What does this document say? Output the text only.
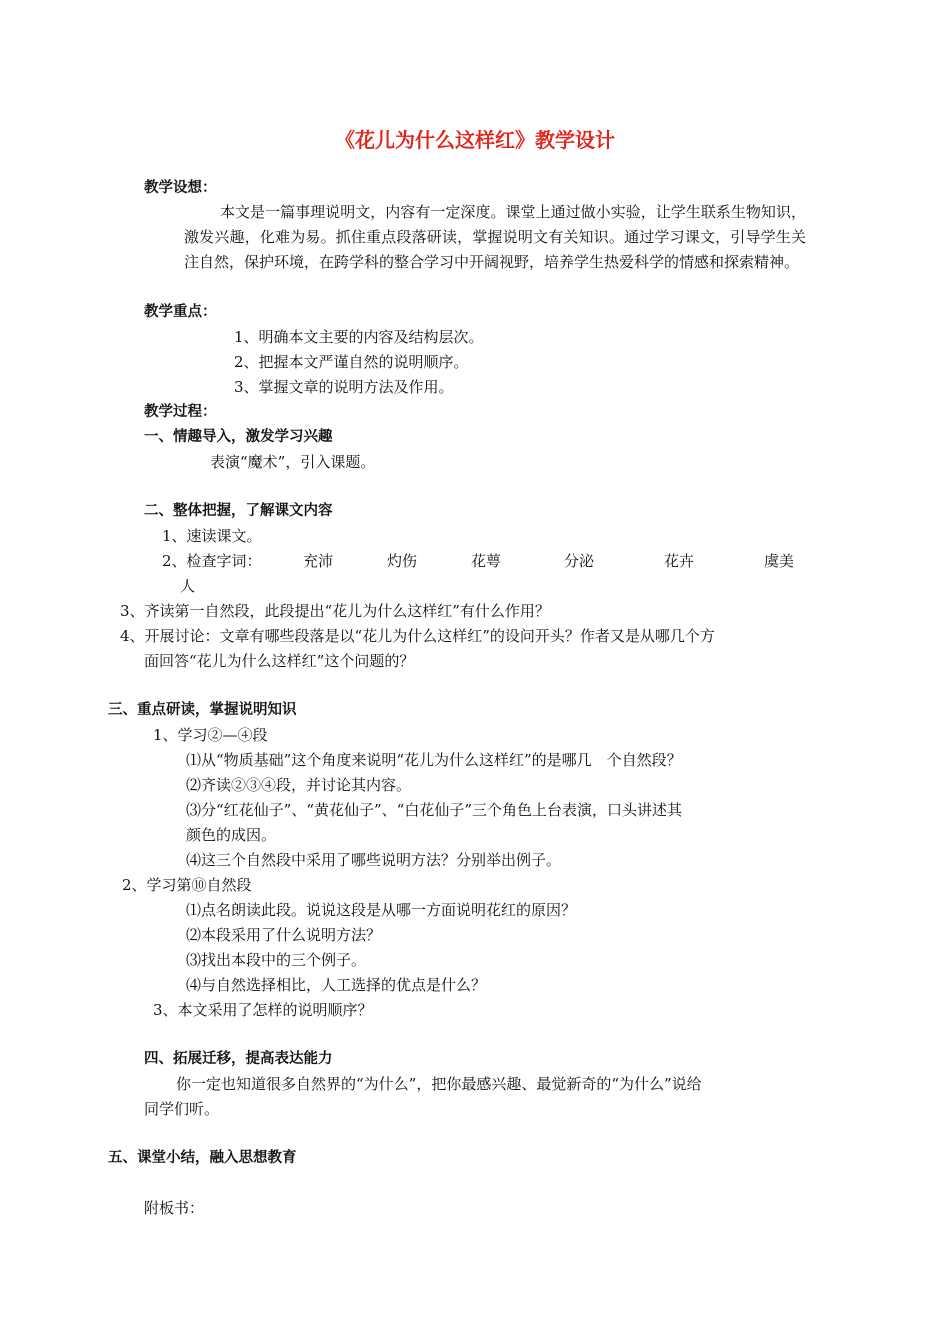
《花儿为什么这样红》教学设计
教学设想：
本文是一篇事理说明文，内容有一定深度。课堂上通过做小实验，让学生联系生物知识，激发兴趣，化难为易。抓住重点段落研读，掌握说明文有关知识。通过学习课文，引导学生关注自然，保护环境，在跨学科的整合学习中开阔视野，培养学生热爱科学的情感和探索精神。
教学重点：
1、明确本文主要的内容及结构层次。
2、把握本文严谨自然的说明顺序。
3、掌握文章的说明方法及作用。
教学过程：
一、情趣导入，激发学习兴趣
表演“魔术”，引入课题。
二、整体把握，了解课文内容
1、速读课文。
2、检查字词：	充沛	灼伤	花萼	分泌	花卉	虞美
人
3、齐读第一自然段，此段提出“花儿为什么这样红”有什么作用？
4、开展讨论：文章有哪些段落是以“花儿为什么这样红”的设问开头？作者又是从哪几个方
面回答“花儿为什么这样红”这个问题的？
三、重点研读，掌握说明知识
1、学习②—④段
⑴从“物质基础”这个角度来说明“花儿为什么这样红”的是哪几　个自然段？
⑵齐读②③④段，并讨论其内容。
⑶分“红花仙子”、“黄花仙子”、“白花仙子”三个角色上台表演，口头讲述其
颜色的成因。
⑷这三个自然段中采用了哪些说明方法？分别举出例子。
2、学习第⑩自然段
⑴点名朗读此段。说说这段是从哪一方面说明花红的原因？
⑵本段采用了什么说明方法？
⑶找出本段中的三个例子。
⑷与自然选择相比，人工选择的优点是什么？
3、本文采用了怎样的说明顺序？
四、拓展迁移，提高表达能力
你一定也知道很多自然界的“为什么”，把你最感兴趣、最觉新奇的“为什么”说给
同学们听。
五、课堂小结，融入思想教育
附板书：
